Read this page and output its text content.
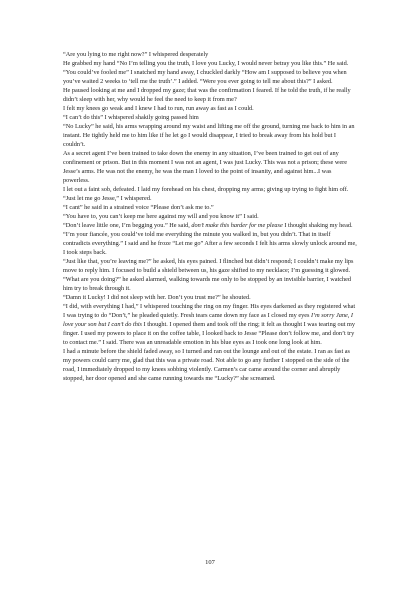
“Are you lying to me right now?” I whispered desperately

He grabbed my hand “No I’m telling you the truth, I love you Lucky, I would never betray you like this.” He said.

“You could’ve fooled me” I snatched my hand away, I chuckled darkly “How am I supposed to believe you when you’ve waited 2 weeks to ‘tell me the truth’.” I added. “Were you ever going to tell me about this?” I asked.

He paused looking at me and I dropped my gaze; that was the confirmation I feared. If he told the truth, if he really didn’t sleep with her, why would he feel the need to keep it from me?

I felt my knees go weak and I knew I had to run, run away as fast as I could.

“I can’t do this” I whispered shakily going passed him

“No Lucky” he said, his arms wrapping around my waist and lifting me off the ground, turning me back to him in an instant. He tightly held me to him like if he let go I would disappear, I tried to break away from his hold but I couldn’t.

As a secret agent I’ve been trained to take down the enemy in any situation, I’ve been trained to get out of any confinement or prison. But in this moment I was not an agent, I was just Lucky. This was not a prison; these were Jesse’s arms. He was not the enemy, he was the man I loved to the point of insanity, and against him...I was powerless.

I let out a faint sob, defeated. I laid my forehead on his chest, dropping my arms; giving up trying to fight him off. “Just let me go Jesse,” I whispered.

“I cant” he said in a strained voice “Please don’t ask me to.”

“You have to, you can’t keep me here against my will and you know it” I said.

“Don’t leave little one, I’m begging you.” He said, don’t make this harder for me please I thought shaking my head.

“I’m your fiancée, you could’ve told me everything the minute you walked in, but you didn’t. That in itself contradicts everything.” I said and he froze “Let me go” After a few seconds I felt his arms slowly unlock around me, I took steps back.

“Just like that, you’re leaving me?” he asked, his eyes pained. I flinched but didn’t respond; I couldn’t make my lips move to reply him. I focused to build a shield between us, his gaze shifted to my necklace; I’m guessing it glowed.

“What are you doing?” he asked alarmed, walking towards me only to be stopped by an invisible barrier, I watched him try to break through it.

“Damn it Lucky! I did not sleep with her. Don’t you trust me?” he shouted.

“I did, with everything I had,” I whispered touching the ring on my finger. His eyes darkened as they registered what I was trying to do “Don’t,” he pleaded quietly. Fresh tears came down my face as I closed my eyes I’m sorry Jane, I love your son but I can’t do this I thought. I opened them and took off the ring; it felt as thought I was tearing out my finger. I used my powers to place it on the coffee table, I looked back to Jesse “Please don’t follow me, and don’t try to contact me.” I said. There was an unreadable emotion in his blue eyes as I took one long look at him.

I had a minute before the shield faded away, so I turned and ran out the lounge and out of the estate. I ran as fast as my powers could carry me, glad that this was a private road. Not able to go any further I stopped on the side of the road, I immediately dropped to my knees sobbing violently. Carmen’s car came around the corner and abruptly stopped, her door opened and she came running towards me “Lucky?” she screamed.

107
